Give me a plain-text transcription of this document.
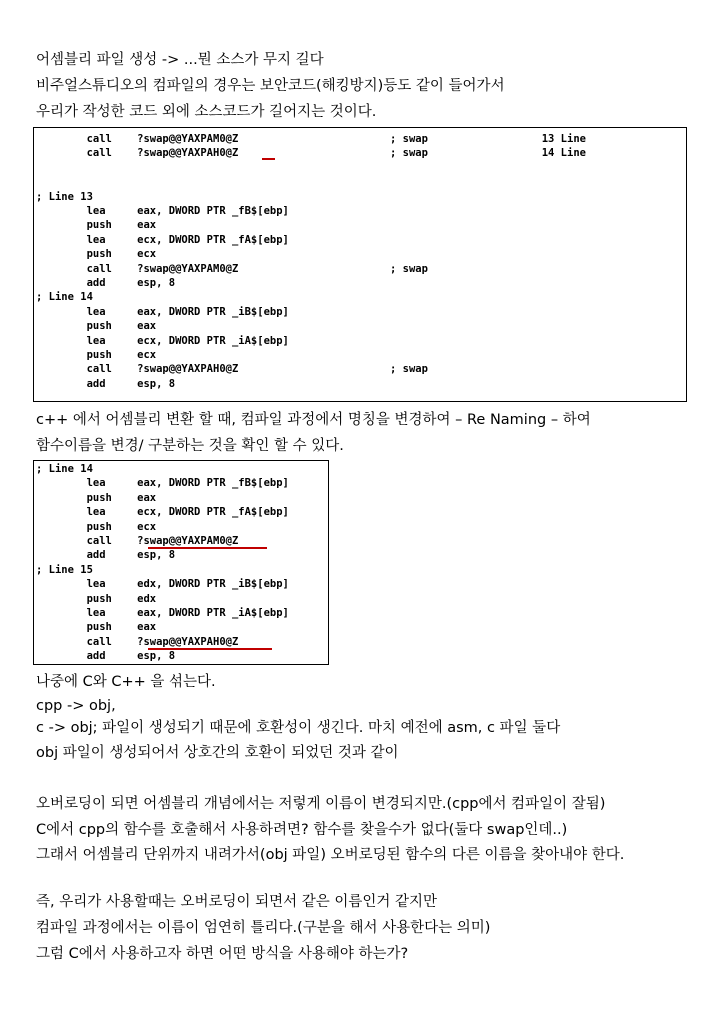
어셈블리 파일 생성 -> ...뭔 소스가 무지 길다
비주얼스튜디오의 컴파일의 경우는 보안코드(해킹방지)등도 같이 들어가서
우리가 작성한 코드 외에 소스코드가 길어지는 것이다.
call    ?swap@@YAXPAM0@Z                        ; swap                  13 Line
call    ?swap@@YAXPAH0@Z                        ; swap                  14 Line
; Line 13
lea     eax, DWORD PTR _fB$[ebp]
push    eax
lea     ecx, DWORD PTR _fA$[ebp]
push    ecx
call    ?swap@@YAXPAM0@Z                        ; swap
add     esp, 8
; Line 14
lea     eax, DWORD PTR _iB$[ebp]
push    eax
lea     ecx, DWORD PTR _iA$[ebp]
push    ecx
call    ?swap@@YAXPAH0@Z                        ; swap
add     esp, 8
c++ 에서 어셈블리 변환 할 때, 컴파일 과정에서 명칭을 변경하여 – Re Naming – 하여
함수이름을 변경/ 구분하는 것을 확인 할 수 있다.
; Line 14
lea     eax, DWORD PTR _fB$[ebp]
push    eax
lea     ecx, DWORD PTR _fA$[ebp]
push    ecx
call    ?swap@@YAXPAM0@Z
add     esp, 8
; Line 15
lea     edx, DWORD PTR _iB$[ebp]
push    edx
lea     eax, DWORD PTR _iA$[ebp]
push    eax
call    ?swap@@YAXPAH0@Z
add     esp, 8
나중에 C와 C++ 을 섞는다.
cpp -> obj,
c -> obj; 파일이 생성되기 때문에 호환성이 생긴다. 마치 예전에 asm, c 파일 둘다
obj 파일이 생성되어서 상호간의 호환이 되었던 것과 같이
오버로딩이 되면 어셈블리 개념에서는 저렇게 이름이 변경되지만.(cpp에서 컴파일이 잘됨)
C에서 cpp의 함수를 호출해서 사용하려면? 함수를 찾을수가 없다(둘다 swap인데..)
그래서 어셈블리 단위까지 내려가서(obj 파일) 오버로딩된 함수의 다른 이름을 찾아내야 한다.
즉, 우리가 사용할때는 오버로딩이 되면서 같은 이름인거 같지만
컴파일 과정에서는 이름이 엄연히 틀리다.(구분을 해서 사용한다는 의미)
그럼 C에서 사용하고자 하면 어떤 방식을 사용해야 하는가?
